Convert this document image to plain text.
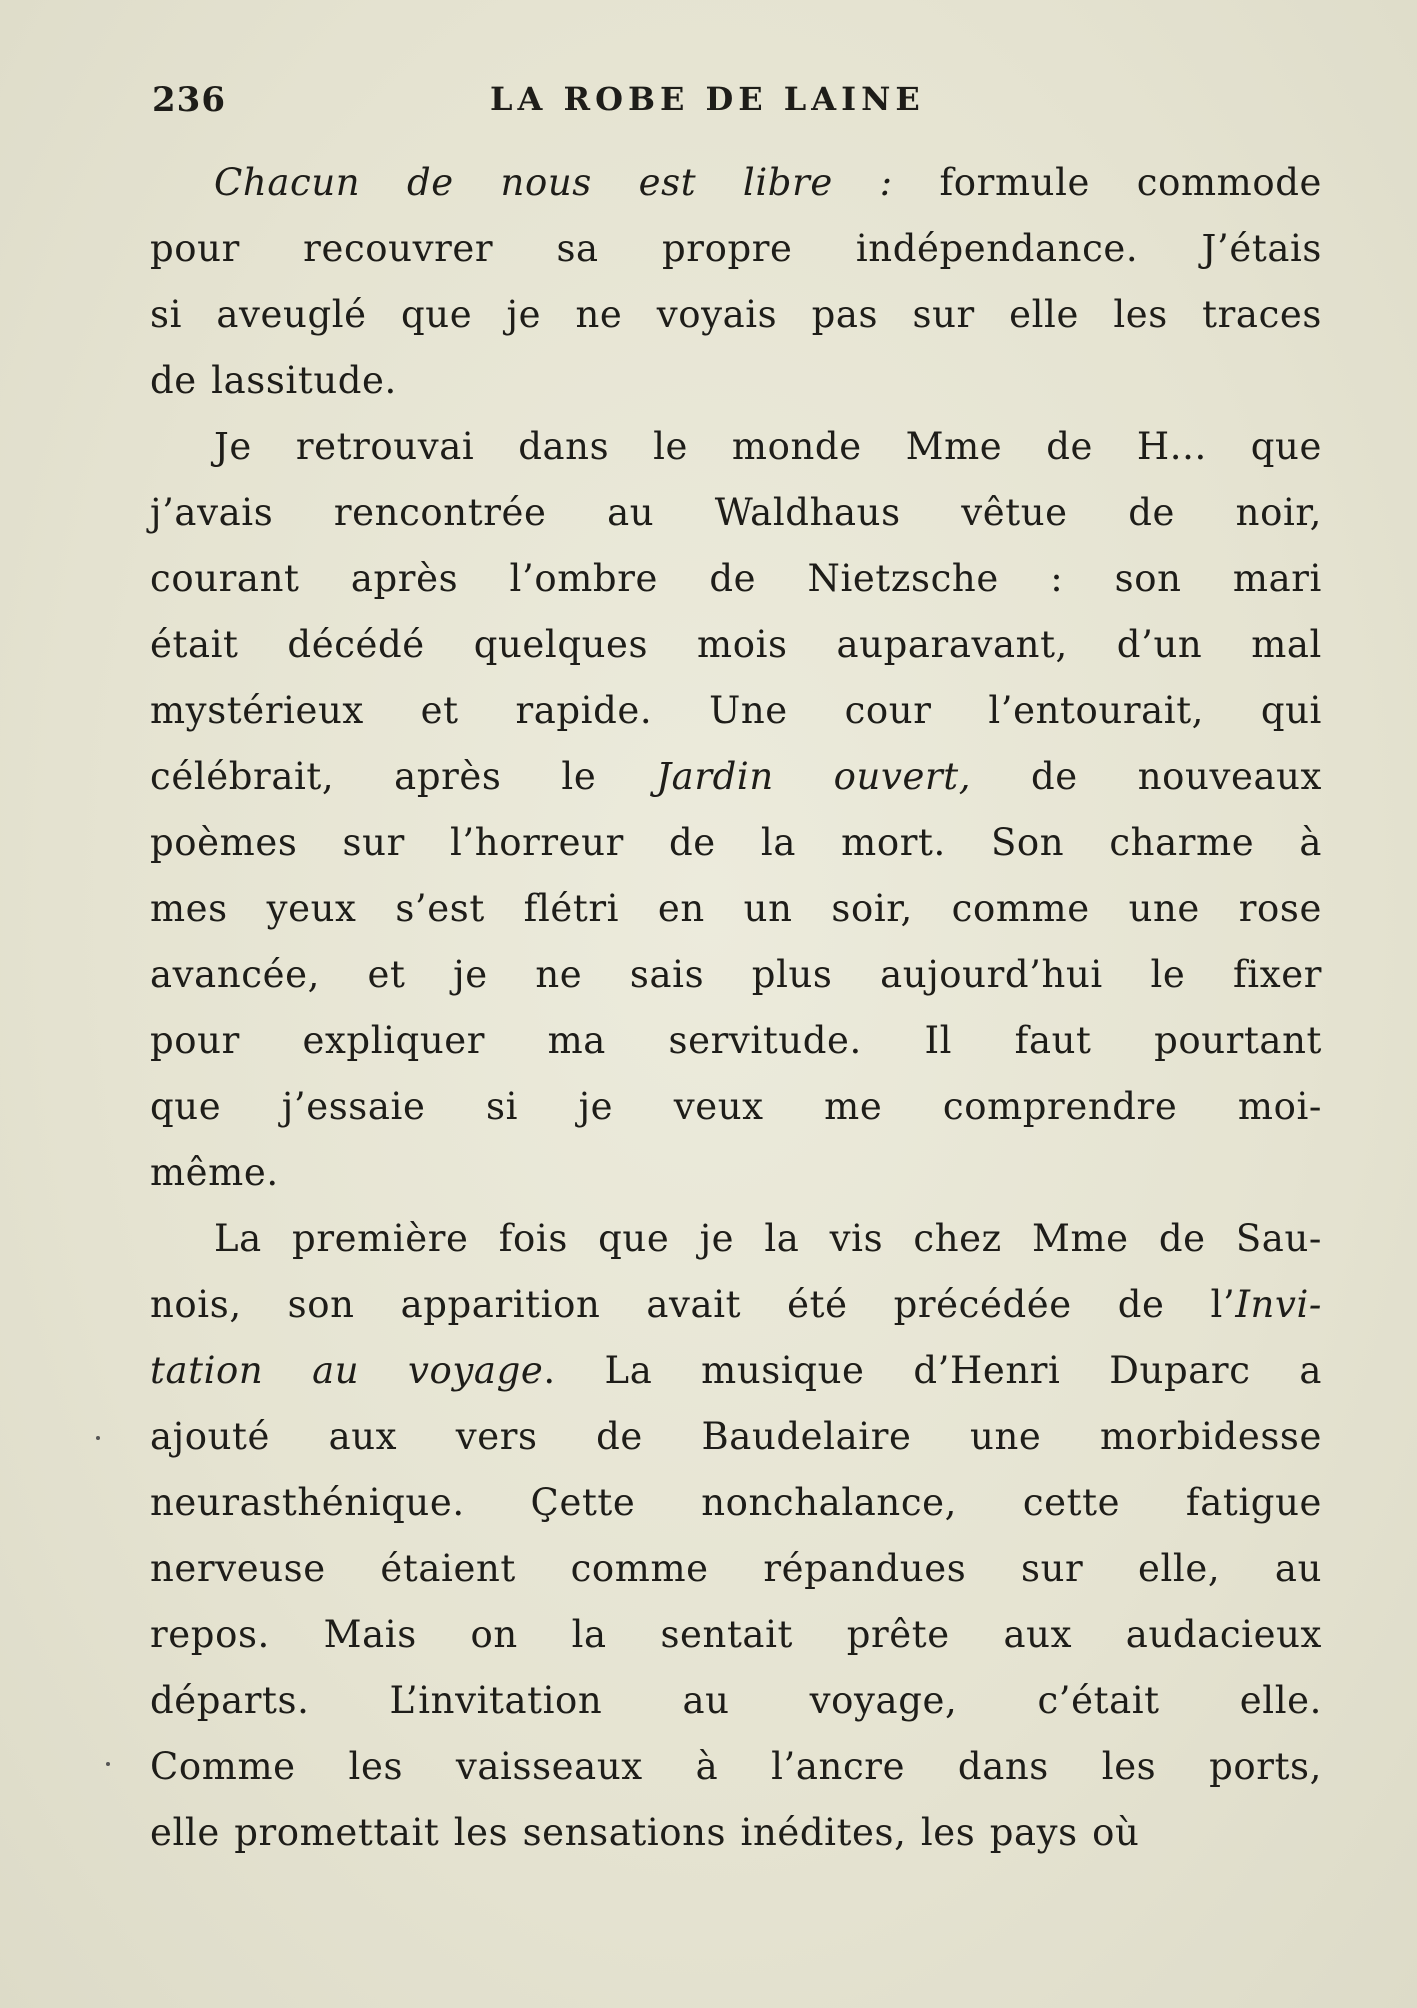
236	LA ROBE DE LAINE
Chacun de nous est libre : formule commode
pour recouvrer sa propre indépendance. J’étais
si aveuglé que je ne voyais pas sur elle les traces
de lassitude.
Je retrouvai dans le monde Mme de H... que
j’avais rencontrée au Waldhaus vêtue de noir,
courant après l’ombre de Nietzsche : son mari
était décédé quelques mois auparavant, d’un mal
mystérieux et rapide. Une cour l’entourait, qui
célébrait, après le Jardin ouvert, de nouveaux
poèmes sur l’horreur de la mort. Son charme à
mes yeux s’est flétri en un soir, comme une rose
avancée, et je ne sais plus aujourd’hui le fixer
pour expliquer ma servitude. Il faut pourtant
que j’essaie si je veux me comprendre moi-
même.
La première fois que je la vis chez Mme de Sau-
nois, son apparition avait été précédée de l’Invi-
tation au voyage. La musique d’Henri Duparc a
ajouté aux vers de Baudelaire une morbidesse
neurasthénique. Çette nonchalance, cette fatigue
nerveuse étaient comme répandues sur elle, au
repos. Mais on la sentait prête aux audacieux
départs. L’invitation au voyage, c’était elle.
Comme les vaisseaux à l’ancre dans les ports,
elle promettait les sensations inédites, les pays où
